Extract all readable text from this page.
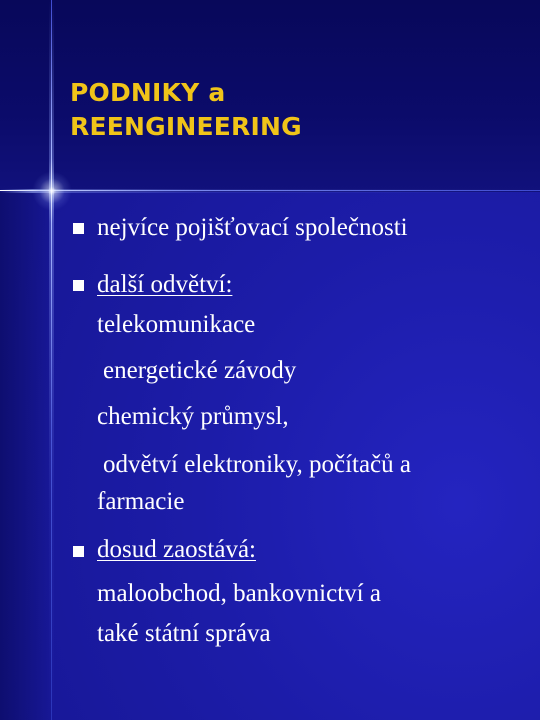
PODNIKY a
REENGINEERING
nejvíce pojišťovací společnosti
další odvětví:
telekomunikace
energetické závody
chemický průmysl,
odvětví elektroniky, počítačů a
farmacie
dosud zaostává:
maloobchod, bankovnictví a
také státní správa
